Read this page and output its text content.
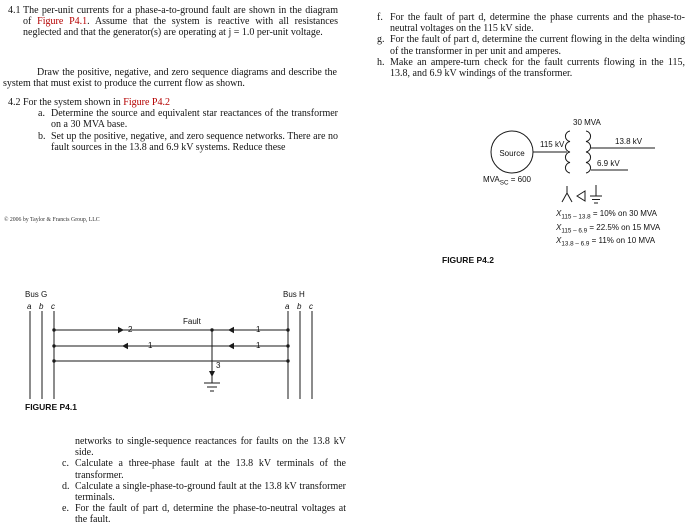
4.1 The per-unit currents for a phase-a-to-ground fault are shown in the diagram of Figure P4.1. Assume that the system is reactive with all resistances neglected and that the generator(s) are operating at j = 1.0 per-unit voltage.
Draw the positive, negative, and zero sequence diagrams and describe the system that must exist to produce the current flow as shown.
4.2 For the system shown in Figure P4.2
a. Determine the source and equivalent star reactances of the transformer on a 30 MVA base.
b. Set up the positive, negative, and zero sequence networks. There are no fault sources in the 13.8 and 6.9 kV systems. Reduce these
© 2006 by Taylor & Francis Group, LLC
f. For the fault of part d, determine the phase currents and the phase-to-neutral voltages on the 115 kV side.
g. For the fault of part d, determine the current flowing in the delta winding of the transformer in per unit and amperes.
h. Make an ampere-turn check for the fault currents flowing in the 115, 13.8, and 6.9 kV windings of the transformer.
30 MVA
Source
115 kV	13.8 kV
6.9 kV
$MVA_{SC} = 600$
$X_{115 - 13.8} = 10\%$ on 30 MVA
$X_{115 - 6.9} = 22.5\%$ on 15 MVA
$X_{13.8 - 6.9} = 11\%$ on 10 MVA
FIGURE P4.2
Bus G
a b c
Bus H
a b c
Fault
2
1
1
1
3
FIGURE P4.1
networks to single-sequence reactances for faults on the 13.8 kV side.
c. Calculate a three-phase fault at the 13.8 kV terminals of the transformer.
d. Calculate a single-phase-to-ground fault at the 13.8 kV transformer terminals.
e. For the fault of part d, determine the phase-to-neutral voltages at the fault.
